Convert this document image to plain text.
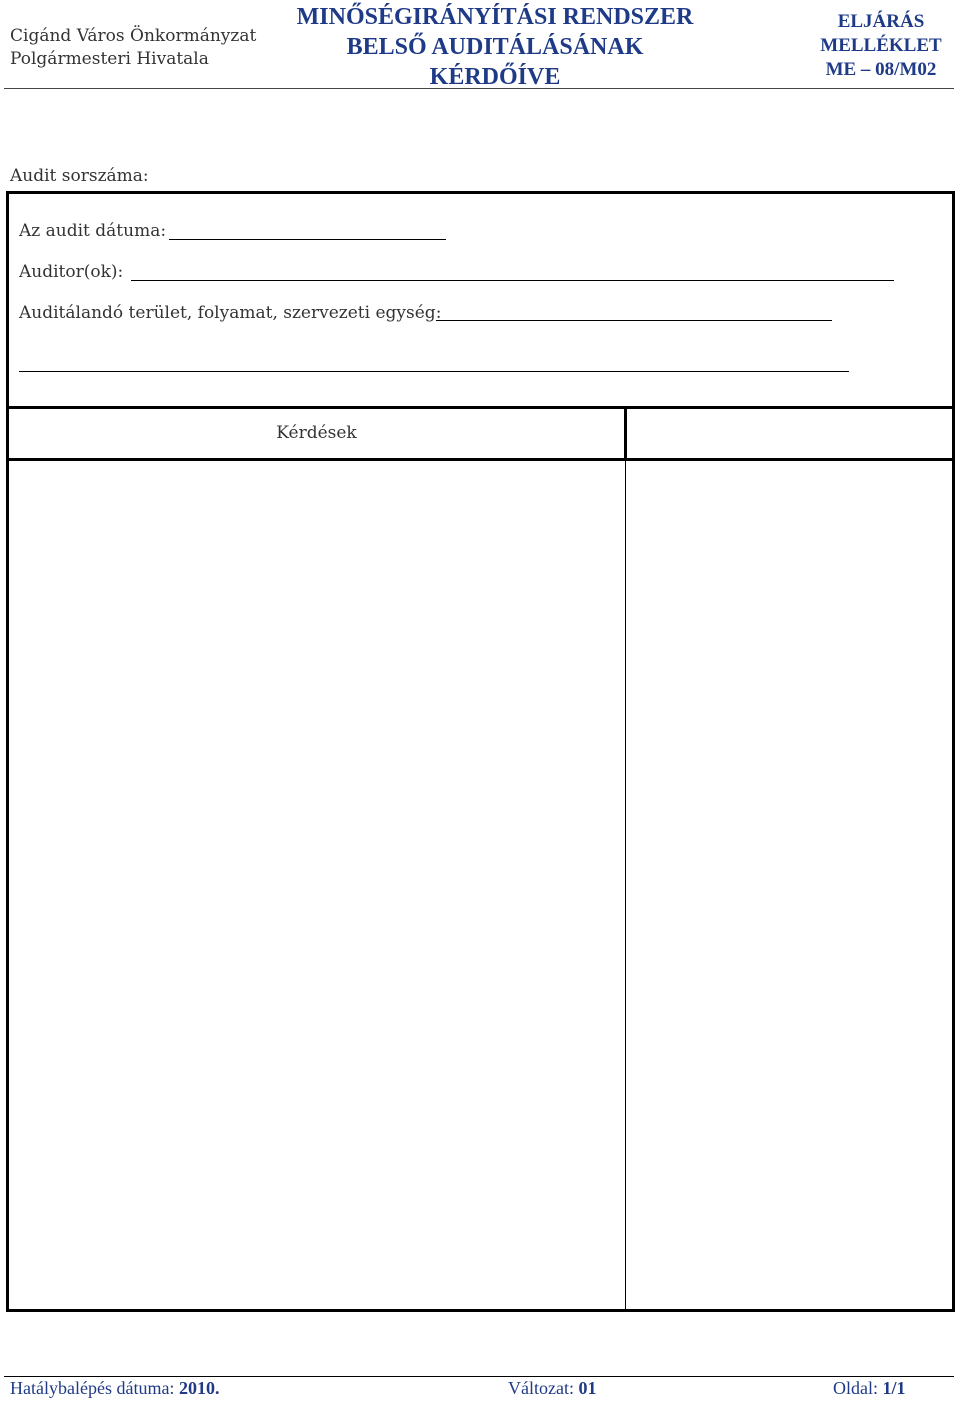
Cigánd Város Önkormányzat
Polgármesteri Hivatala
MINŐSÉGIRÁNYÍTÁSI RENDSZER
BELSŐ AUDITÁLÁSÁNAK
KÉRDŐÍVE
ELJÁRÁS
MELLÉKLET
ME – 08/M02
Audit sorszáma:
Az audit dátuma:
Auditor(ok):
Auditálandó terület, folyamat, szervezeti egység:
Kérdések
Hatálybalépés dátuma: 2010.	Változat: 01	Oldal: 1/1
